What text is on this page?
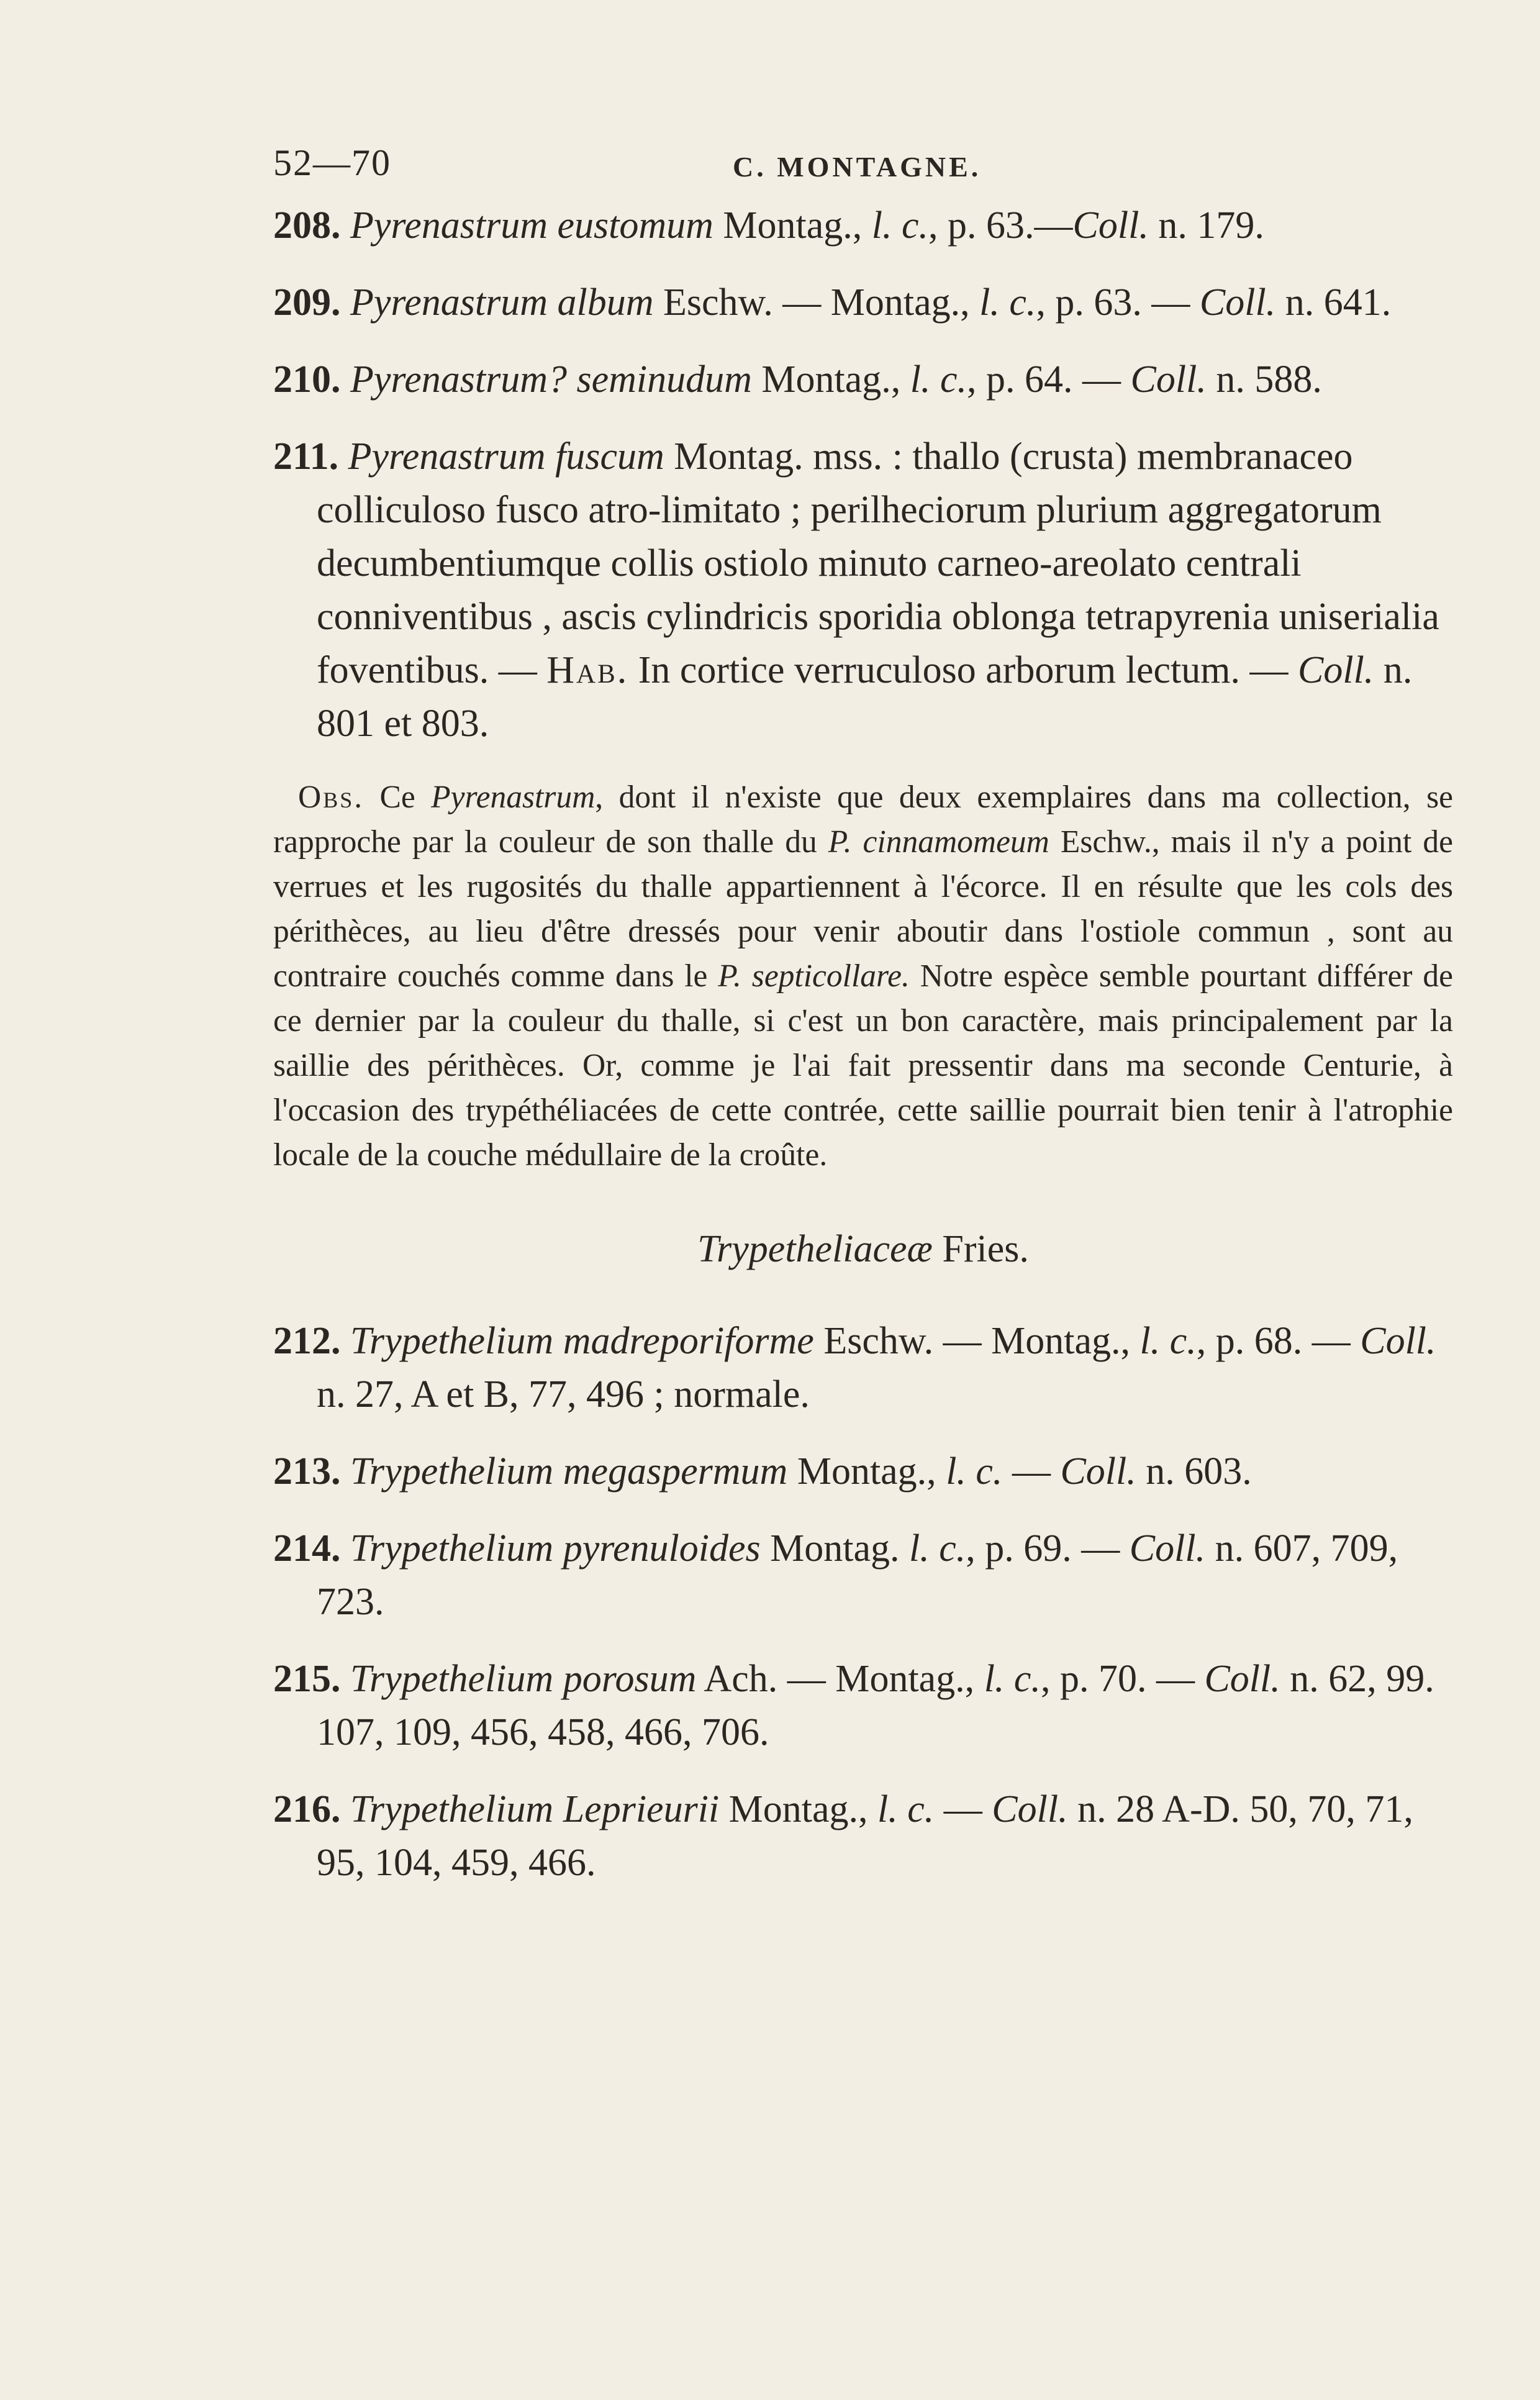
52—70	C. MONTAGNE.
208. Pyrenastrum eustomum Montag., l. c., p. 63.—Coll. n. 179.
209. Pyrenastrum album Eschw. — Montag., l. c., p. 63. — Coll. n. 641.
210. Pyrenastrum? seminudum Montag., l. c., p. 64. — Coll. n. 588.
211. Pyrenastrum fuscum Montag. mss. : thallo (crusta) membranaceo colliculoso fusco atro-limitato ; perilheciorum plurium aggregatorum decumbentiumque collis ostiolo minuto carneo-areolato centrali conniventibus , ascis cylindricis sporidia oblonga tetrapyrenia uniserialia foventibus. — Hab. In cortice verruculoso arborum lectum. — Coll. n. 801 et 803.
Obs. Ce Pyrenastrum, dont il n'existe que deux exemplaires dans ma collection, se rapproche par la couleur de son thalle du P. cinnamomeum Eschw., mais il n'y a point de verrues et les rugosités du thalle appartiennent à l'écorce. Il en résulte que les cols des périthèces, au lieu d'être dressés pour venir aboutir dans l'ostiole commun , sont au contraire couchés comme dans le P. septicollare. Notre espèce semble pourtant différer de ce dernier par la couleur du thalle, si c'est un bon caractère, mais principalement par la saillie des périthèces. Or, comme je l'ai fait pressentir dans ma seconde Centurie, à l'occasion des trypéthéliacées de cette contrée, cette saillie pourrait bien tenir à l'atrophie locale de la couche médullaire de la croûte.
Trypetheliaceæ Fries.
212. Trypethelium madreporiforme Eschw. — Montag., l. c., p. 68. — Coll. n. 27, A et B, 77, 496 ; normale.
213. Trypethelium megaspermum Montag., l. c. — Coll. n. 603.
214. Trypethelium pyrenuloides Montag. l. c., p. 69. — Coll. n. 607, 709, 723.
215. Trypethelium porosum Ach. — Montag., l. c., p. 70. — Coll. n. 62, 99. 107, 109, 456, 458, 466, 706.
216. Trypethelium Leprieurii Montag., l. c. — Coll. n. 28 A-D. 50, 70, 71, 95, 104, 459, 466.
